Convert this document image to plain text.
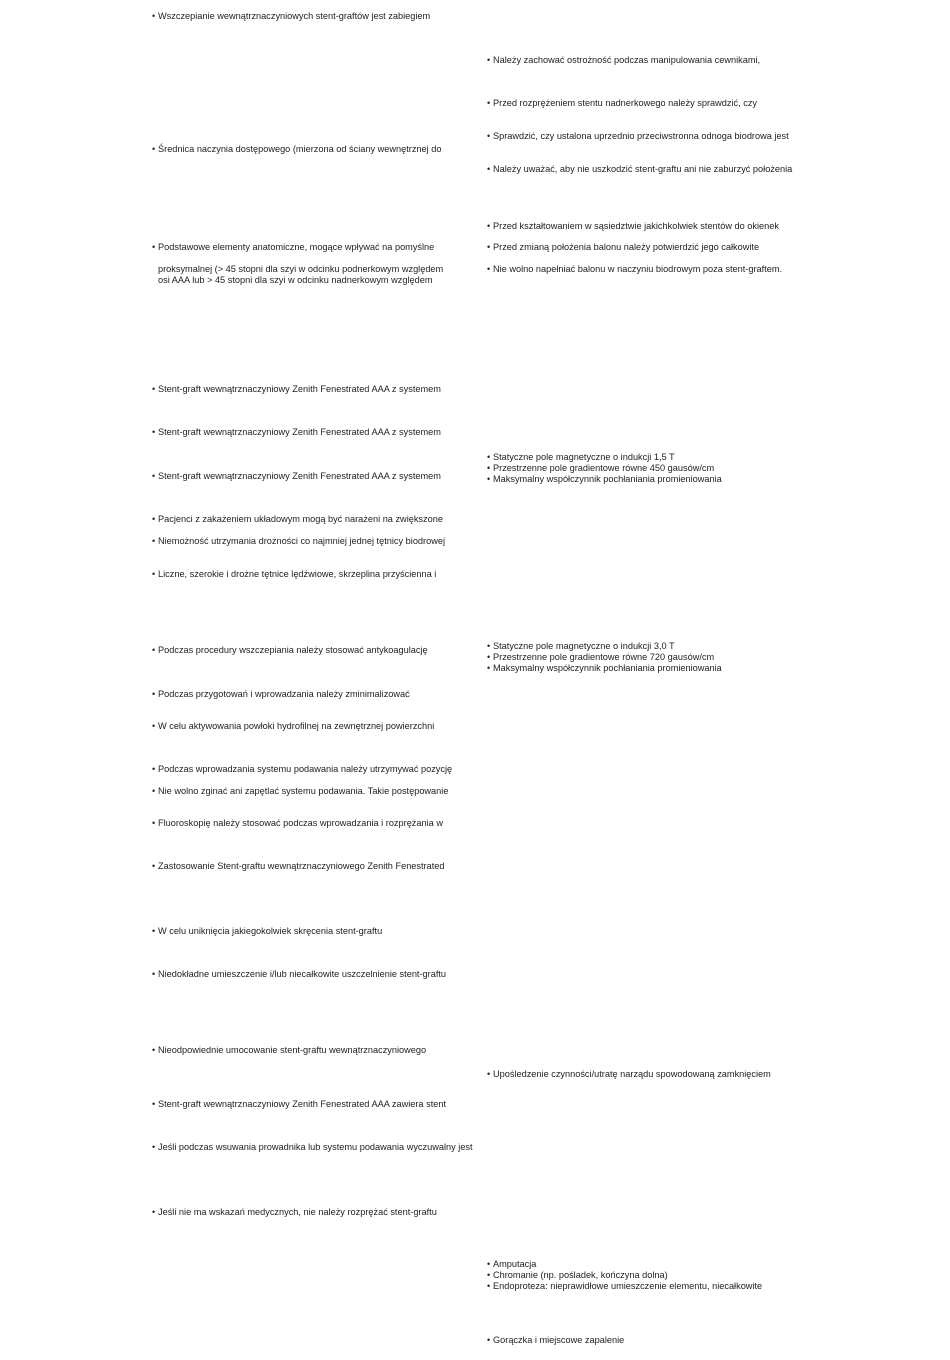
• Wszczepianie wewnątrznaczyniowych stent-graftów jest zabiegiem
• Średnica naczynia dostępowego (mierzona od ściany wewnętrznej do
• Podstawowe elementy anatomiczne, mogące wpływać na pomyślne
proksymalnej (> 45 stopni dla szyi w odcinku podnerkowym względem
osi AAA lub > 45 stopni dla szyi w odcinku nadnerkowym względem
• Stent-graft wewnątrznaczyniowy Zenith Fenestrated AAA z systemem
• Stent-graft wewnątrznaczyniowy Zenith Fenestrated AAA z systemem
• Stent-graft wewnątrznaczyniowy Zenith Fenestrated AAA z systemem
• Pacjenci z zakażeniem układowym mogą być narażeni na zwiększone
• Niemożność utrzymania drożności co najmniej jednej tętnicy biodrowej
• Liczne, szerokie i drożne tętnice lędźwiowe, skrzeplina przyścienna i
• Podczas procedury wszczepiania należy stosować antykoagulację
• Podczas przygotowań i wprowadzania należy zminimalizować
• W celu aktywowania powłoki hydrofilnej na zewnętrznej powierzchni
• Podczas wprowadzania systemu podawania należy utrzymywać pozycję
• Nie wolno zginać ani zapętlać systemu podawania. Takie postępowanie
• Fluoroskopię należy stosować podczas wprowadzania i rozprężania w
• Zastosowanie Stent-graftu wewnątrznaczyniowego Zenith Fenestrated
• W celu uniknięcia jakiegokolwiek skręcenia stent-graftu
• Niedokładne umieszczenie i/lub niecałkowite uszczelnienie stent-graftu
• Nieodpowiednie umocowanie stent-graftu wewnątrznaczyniowego
• Stent-graft wewnątrznaczyniowy Zenith Fenestrated AAA zawiera stent
• Jeśli podczas wsuwania prowadnika lub systemu podawania wyczuwalny jest
• Jeśli nie ma wskazań medycznych, nie należy rozprężać stent-graftu
• Należy zachować ostrożność podczas manipulowania cewnikami,
• Przed rozprężeniem stentu nadnerkowego należy sprawdzić, czy
• Sprawdzić, czy ustalona uprzednio przeciwstronna odnoga biodrowa jest
• Należy uważać, aby nie uszkodzić stent-graftu ani nie zaburzyć położenia
• Przed kształtowaniem w sąsiedztwie jakichkolwiek stentów do okienek
• Przed zmianą położenia balonu należy potwierdzić jego całkowite
• Nie wolno napełniać balonu w naczyniu biodrowym poza stent-graftem.
• Statyczne pole magnetyczne o indukcji 1,5 T
• Przestrzenne pole gradientowe równe 450 gausów/cm
• Maksymalny współczynnik pochłaniania promieniowania
• Statyczne pole magnetyczne o indukcji 3,0 T
• Przestrzenne pole gradientowe równe 720 gausów/cm
• Maksymalny współczynnik pochłaniania promieniowania
• Upośledzenie czynności/utratę narządu spowodowaną zamknięciem
• Amputacja
• Chromanie (np. pośladek, kończyna dolna)
• Endoproteza: nieprawidłowe umieszczenie elementu, niecałkowite
• Gorączka i miejscowe zapalenie
